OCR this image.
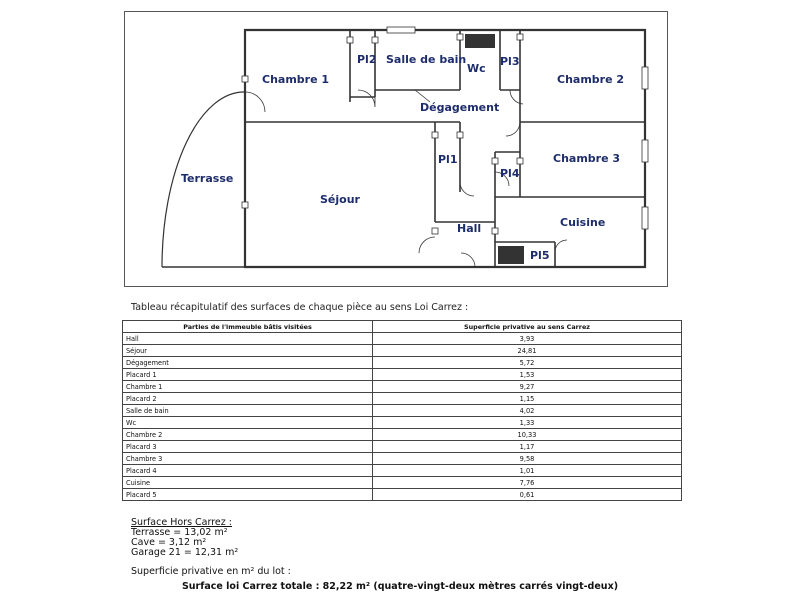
Chambre 1
Pl2 Salle de bain
Wc
Pl3
Chambre 2
Dégagement
Terrasse
Séjour
Pl1	Chambre 3
Pl4
Hall	Cuisine
Pl5
Tableau récapitulatif des surfaces de chaque pièce au sens Loi Carrez :
Parties de l'immeuble bâtis visitées	Superficie privative au sens Carrez
Hall	3,93
Séjour	24,81
Dégagement	5,72
Placard 1	1,53
Chambre 1	9,27
Placard 2	1,15
Salle de bain	4,02
Wc	1,33
Chambre 2	10,33
Placard 3	1,17
Chambre 3	9,58
Placard 4	1,01
Cuisine	7,76
Placard 5	0,61
Surface Hors Carrez :
Terrasse = 13,02 m²
Cave = 3,12 m²
Garage 21 = 12,31 m²
Superficie privative en m² du lot :
Surface loi Carrez totale : 82,22 m² (quatre-vingt-deux mètres carrés vingt-deux)
